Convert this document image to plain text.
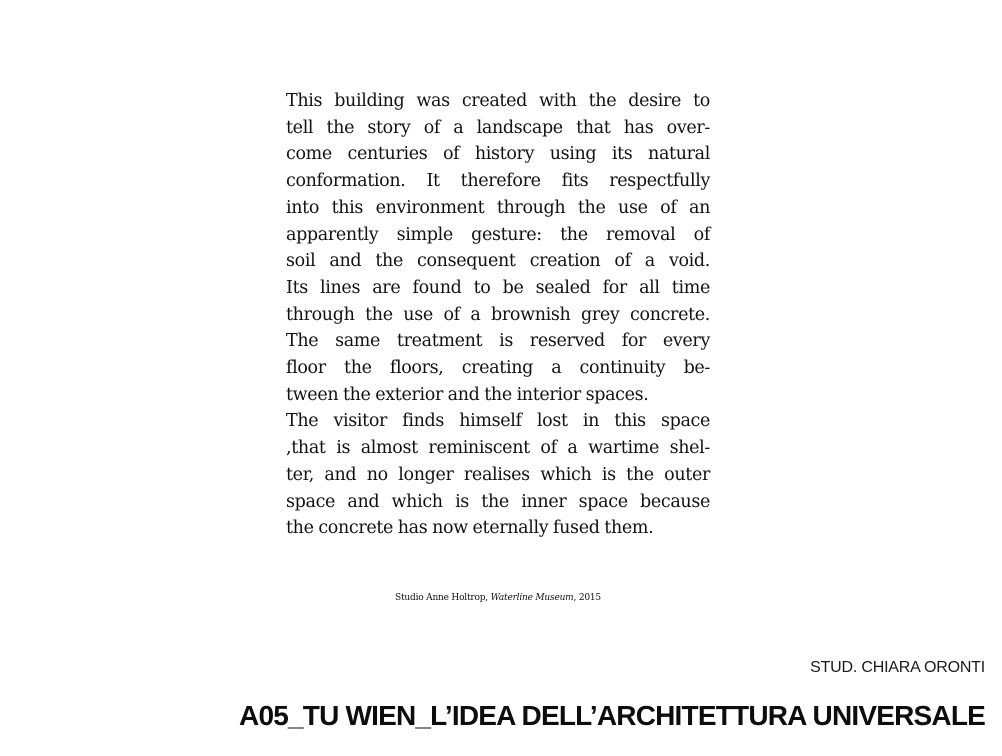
This building was created with the desire to
tell the story of a landscape that has over-
come centuries of history using its natural
conformation. It therefore fits respectfully
into this environment through the use of an
apparently simple gesture: the removal of
soil and the consequent creation of a void.
Its lines are found to be sealed for all time
through the use of a brownish grey concrete.
The same treatment is reserved for every
floor the floors, creating a continuity be-
tween the exterior and the interior spaces.
The visitor finds himself lost in this space
,that is almost reminiscent of a wartime shel-
ter, and no longer realises which is the outer
space and which is the inner space because
the concrete has now eternally fused them.
Studio Anne Holtrop, Waterline Museum, 2015
STUD. CHIARA ORONTI
A05_TU WIEN_L’IDEA DELL’ARCHITETTURA UNIVERSALE
